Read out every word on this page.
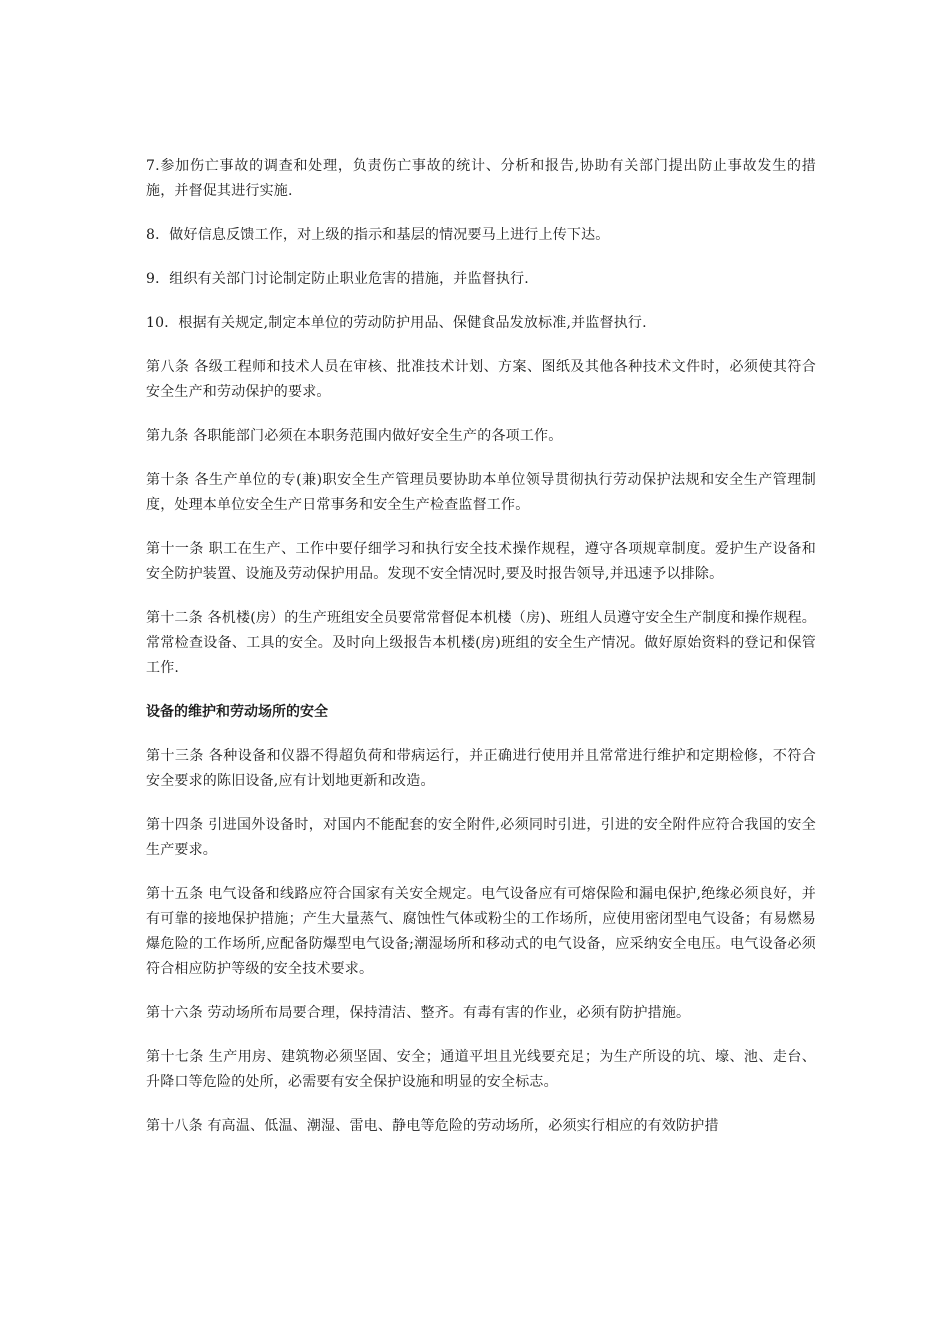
7.参加伤亡事故的调查和处理，负责伤亡事故的统计、分析和报告,协助有关部门提出防止事故发生的措施，并督促其进行实施.

8．做好信息反馈工作，对上级的指示和基层的情况要马上进行上传下达。

9．组织有关部门讨论制定防止职业危害的措施，并监督执行.

10．根据有关规定,制定本单位的劳动防护用品、保健食品发放标准,并监督执行.

第八条 各级工程师和技术人员在审核、批准技术计划、方案、图纸及其他各种技术文件时，必须使其符合安全生产和劳动保护的要求。

第九条 各职能部门必须在本职务范围内做好安全生产的各项工作。

第十条 各生产单位的专(兼)职安全生产管理员要协助本单位领导贯彻执行劳动保护法规和安全生产管理制度，处理本单位安全生产日常事务和安全生产检查监督工作。

第十一条 职工在生产、工作中要仔细学习和执行安全技术操作规程，遵守各项规章制度。爱护生产设备和安全防护装置、设施及劳动保护用品。发现不安全情况时,要及时报告领导,并迅速予以排除。

第十二条 各机楼(房）的生产班组安全员要常常督促本机楼（房)、班组人员遵守安全生产制度和操作规程。常常检查设备、工具的安全。及时向上级报告本机楼(房)班组的安全生产情况。做好原始资料的登记和保管工作.

设备的维护和劳动场所的安全

第十三条 各种设备和仪器不得超负荷和带病运行，并正确进行使用并且常常进行维护和定期检修，不符合安全要求的陈旧设备,应有计划地更新和改造。

第十四条 引进国外设备时，对国内不能配套的安全附件,必须同时引进，引进的安全附件应符合我国的安全生产要求。

第十五条 电气设备和线路应符合国家有关安全规定。电气设备应有可熔保险和漏电保护,绝缘必须良好，并有可靠的接地保护措施；产生大量蒸气、腐蚀性气体或粉尘的工作场所，应使用密闭型电气设备；有易燃易爆危险的工作场所,应配备防爆型电气设备;潮湿场所和移动式的电气设备，应采纳安全电压。电气设备必须符合相应防护等级的安全技术要求。

第十六条 劳动场所布局要合理，保持清洁、整齐。有毒有害的作业，必须有防护措施。

第十七条 生产用房、建筑物必须坚固、安全；通道平坦且光线要充足；为生产所设的坑、壕、池、走台、升降口等危险的处所，必需要有安全保护设施和明显的安全标志。

第十八条 有高温、低温、潮湿、雷电、静电等危险的劳动场所，必须实行相应的有效防护措
